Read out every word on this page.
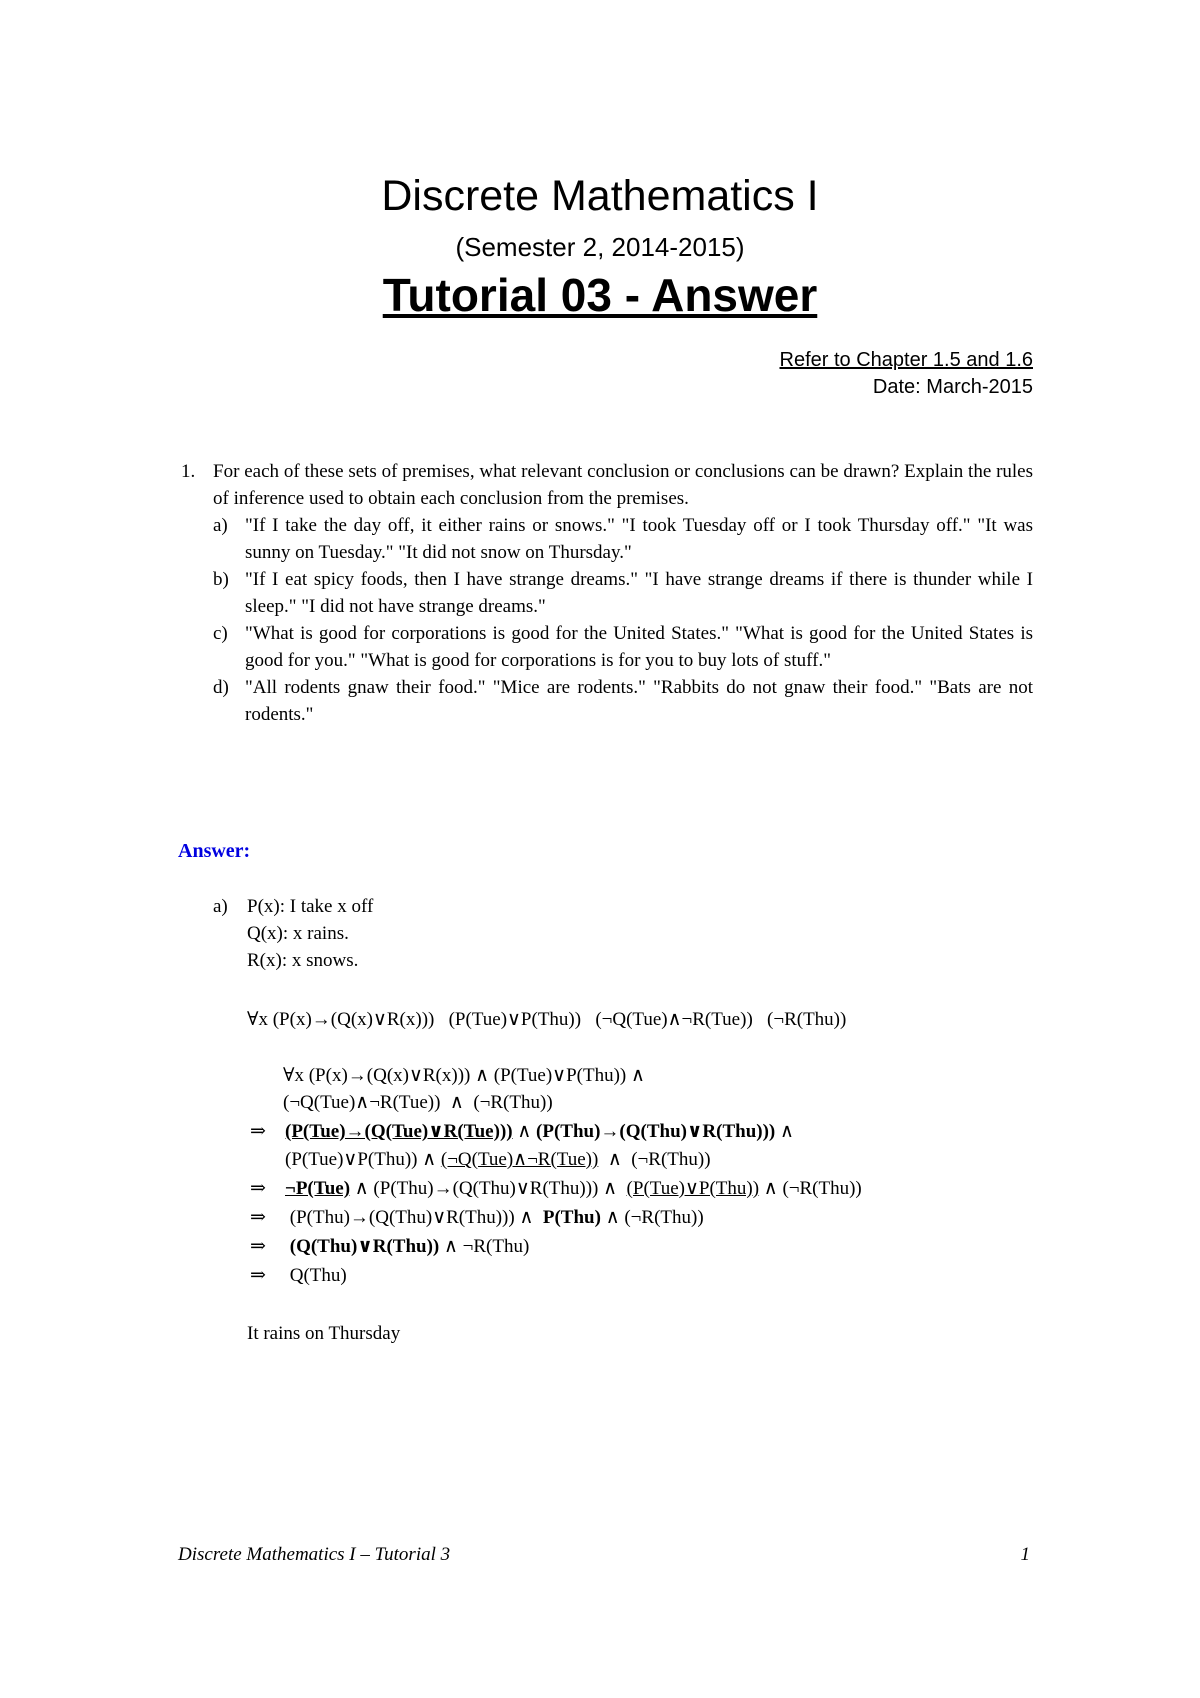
Discrete Mathematics I
(Semester 2, 2014-2015)
Tutorial 03 - Answer
Refer to Chapter 1.5 and 1.6
Date: March-2015
1. For each of these sets of premises, what relevant conclusion or conclusions can be drawn? Explain the rules of inference used to obtain each conclusion from the premises.
a) "If I take the day off, it either rains or snows." "I took Tuesday off or I took Thursday off." "It was sunny on Tuesday." "It did not snow on Thursday."
b) "If I eat spicy foods, then I have strange dreams." "I have strange dreams if there is thunder while I sleep." "I did not have strange dreams."
c) "What is good for corporations is good for the United States." "What is good for the United States is good for you." "What is good for corporations is for you to buy lots of stuff."
d) "All rodents gnaw their food." "Mice are rodents." "Rabbits do not gnaw their food." "Bats are not rodents."
Answer:
a) P(x): I take x off
Q(x): x rains.
R(x): x snows.
∀x (P(x)→(Q(x)∨R(x)))   (P(Tue)∨P(Thu))   (¬Q(Tue)∧¬R(Tue))   (¬R(Thu))
∀x (P(x)→(Q(x)∨R(x))) ∧ (P(Tue)∨P(Thu)) ∧
(¬Q(Tue)∧¬R(Tue))  ∧  (¬R(Thu))
⇒ (P(Tue)→(Q(Tue)∨R(Tue))) ∧ (P(Thu)→(Q(Thu)∨R(Thu))) ∧
(P(Tue)∨P(Thu)) ∧ (¬Q(Tue)∧¬R(Tue))  ∧  (¬R(Thu))
⇒ ¬P(Tue) ∧ (P(Thu)→(Q(Thu)∨R(Thu))) ∧  (P(Tue)∨P(Thu)) ∧ (¬R(Thu))
⇒ (P(Thu)→(Q(Thu)∨R(Thu))) ∧  P(Thu) ∧ (¬R(Thu))
⇒ (Q(Thu)∨R(Thu)) ∧ ¬R(Thu)
⇒ Q(Thu)
It rains on Thursday
Discrete Mathematics I – Tutorial 3	1
